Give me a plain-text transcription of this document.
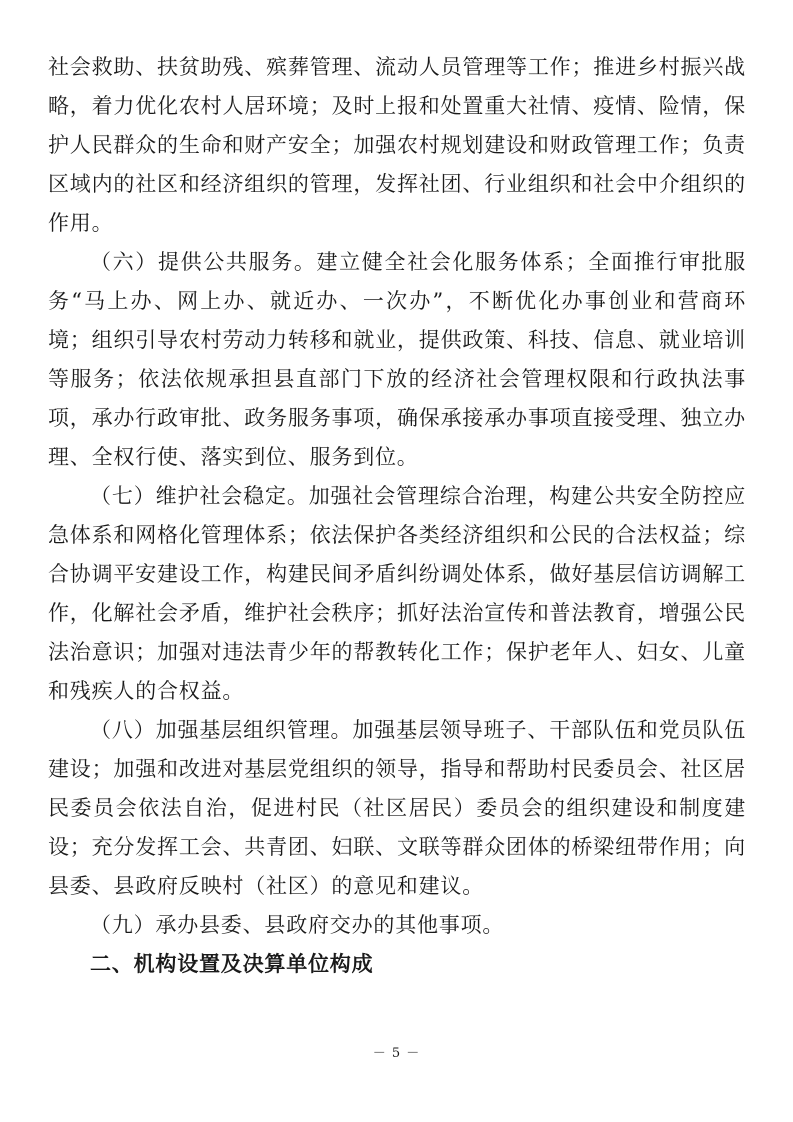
社会救助、扶贫助残、殡葬管理、流动人员管理等工作；推进乡村振兴战略，着力优化农村人居环境；及时上报和处置重大社情、疫情、险情，保护人民群众的生命和财产安全；加强农村规划建设和财政管理工作；负责区域内的社区和经济组织的管理，发挥社团、行业组织和社会中介组织的作用。

（六）提供公共服务。建立健全社会化服务体系；全面推行审批服务“马上办、网上办、就近办、一次办”，不断优化办事创业和营商环境；组织引导农村劳动力转移和就业，提供政策、科技、信息、就业培训等服务；依法依规承担县直部门下放的经济社会管理权限和行政执法事项，承办行政审批、政务服务事项，确保承接承办事项直接受理、独立办理、全权行使、落实到位、服务到位。

（七）维护社会稳定。加强社会管理综合治理，构建公共安全防控应急体系和网格化管理体系；依法保护各类经济组织和公民的合法权益；综合协调平安建设工作，构建民间矛盾纠纷调处体系，做好基层信访调解工作，化解社会矛盾，维护社会秩序；抓好法治宣传和普法教育，增强公民法治意识；加强对违法青少年的帮教转化工作；保护老年人、妇女、儿童和残疾人的合权益。

（八）加强基层组织管理。加强基层领导班子、干部队伍和党员队伍建设；加强和改进对基层党组织的领导，指导和帮助村民委员会、社区居民委员会依法自治，促进村民（社区居民）委员会的组织建设和制度建设；充分发挥工会、共青团、妇联、文联等群众团体的桥梁纽带作用；向县委、县政府反映村（社区）的意见和建议。

（九）承办县委、县政府交办的其他事项。

二、机构设置及决算单位构成

－ 5 －
